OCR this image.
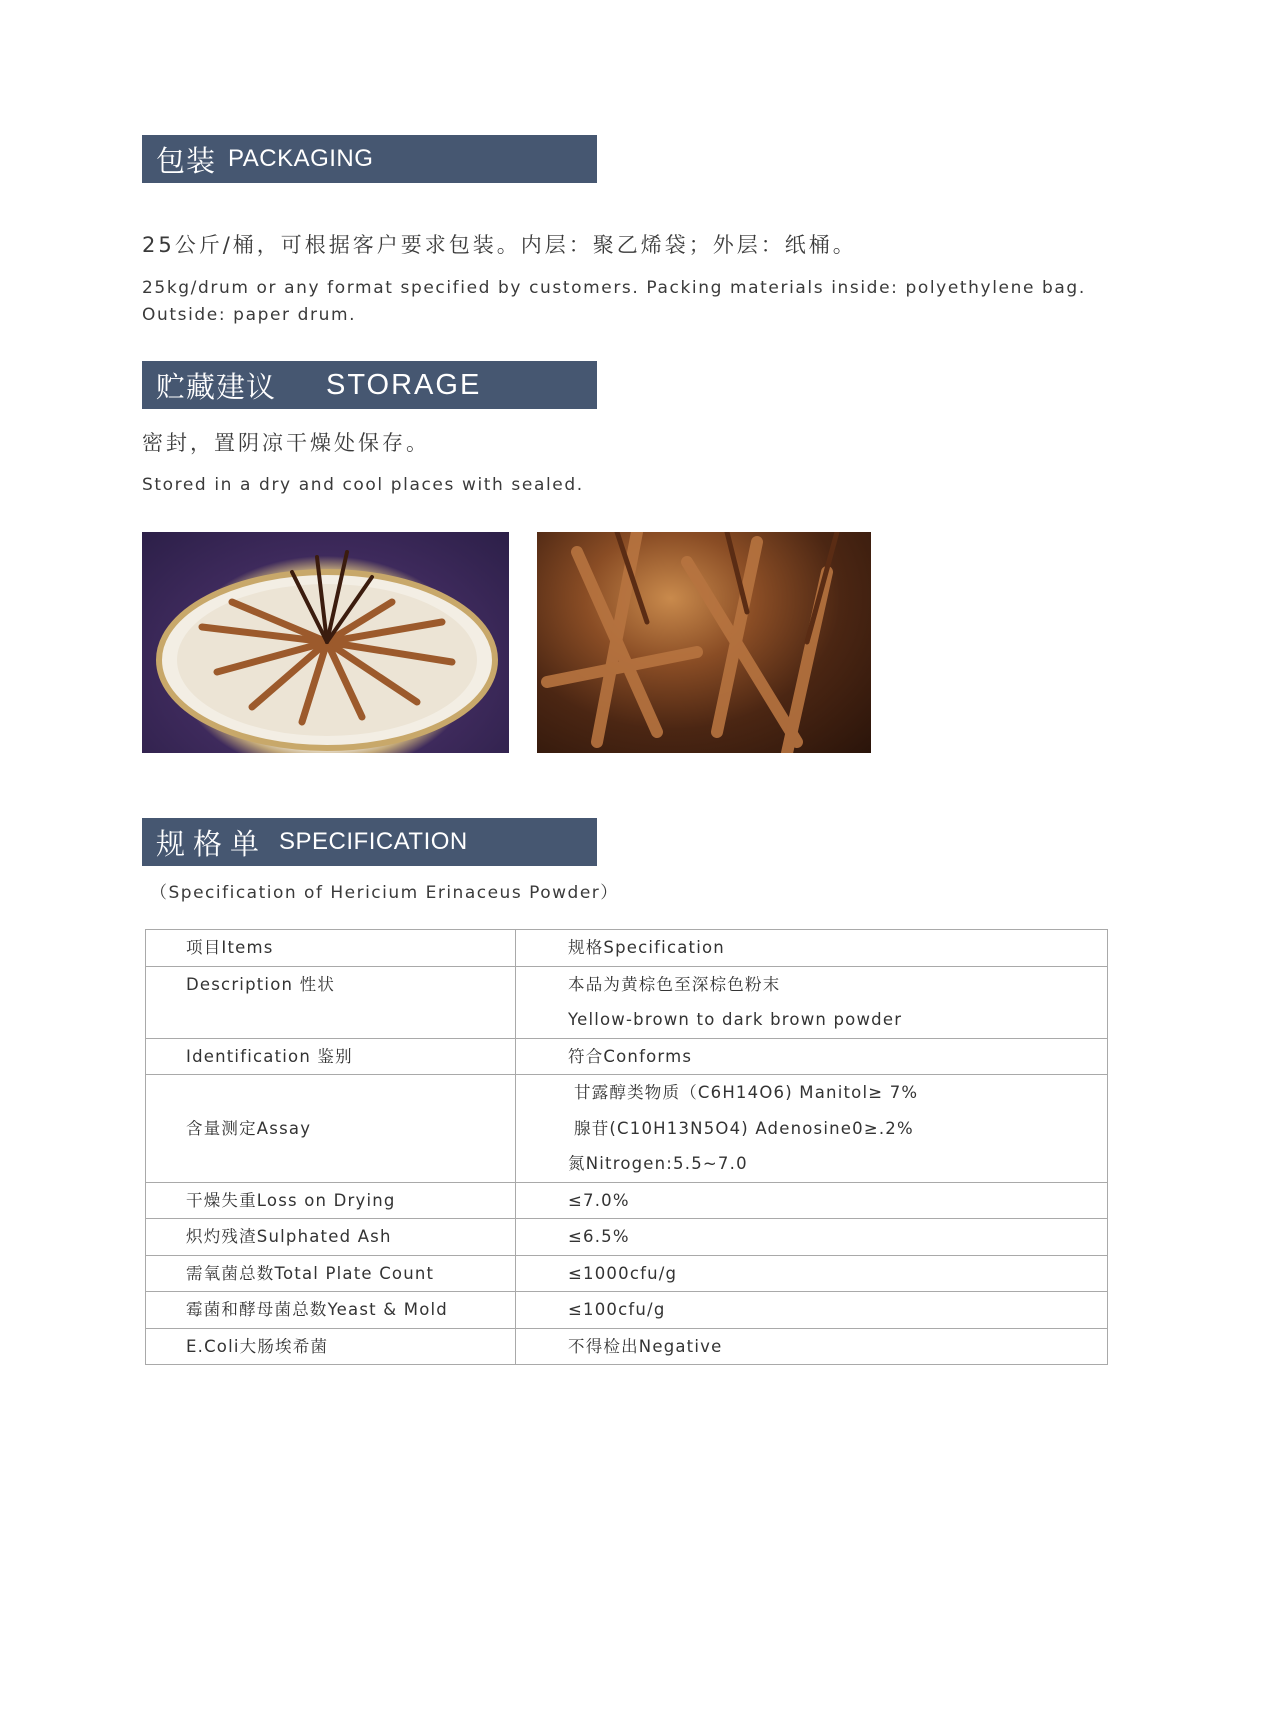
包装 PACKAGING
25公斤/桶，可根据客户要求包装。内层：聚乙烯袋；外层：纸桶。
25kg/drum or any format specified by customers. Packing materials inside: polyethylene bag. Outside: paper drum.
贮藏建议 STORAGE
密封，置阴凉干燥处保存。
Stored in a dry and cool places with sealed.
规格单 SPECIFICATION
（Specification of Hericium Erinaceus Powder）
项目Items	规格Specification

Description 性状	本品为黄棕色至深棕色粉末
Yellow-brown to dark brown powder

Identification 鉴别	符合Conforms

含量测定Assay	甘露醇类物质（C6H14O6) Manitol≥ 7%
腺苷(C10H13N5O4) Adenosine0≥.2%
氮Nitrogen:5.5~7.0

干燥失重Loss on Drying	≤7.0%

炽灼残渣Sulphated Ash	≤6.5%

需氧菌总数Total Plate Count	≤1000cfu/g

霉菌和酵母菌总数Yeast & Mold	≤100cfu/g

E.Coli大肠埃希菌	不得检出Negative
